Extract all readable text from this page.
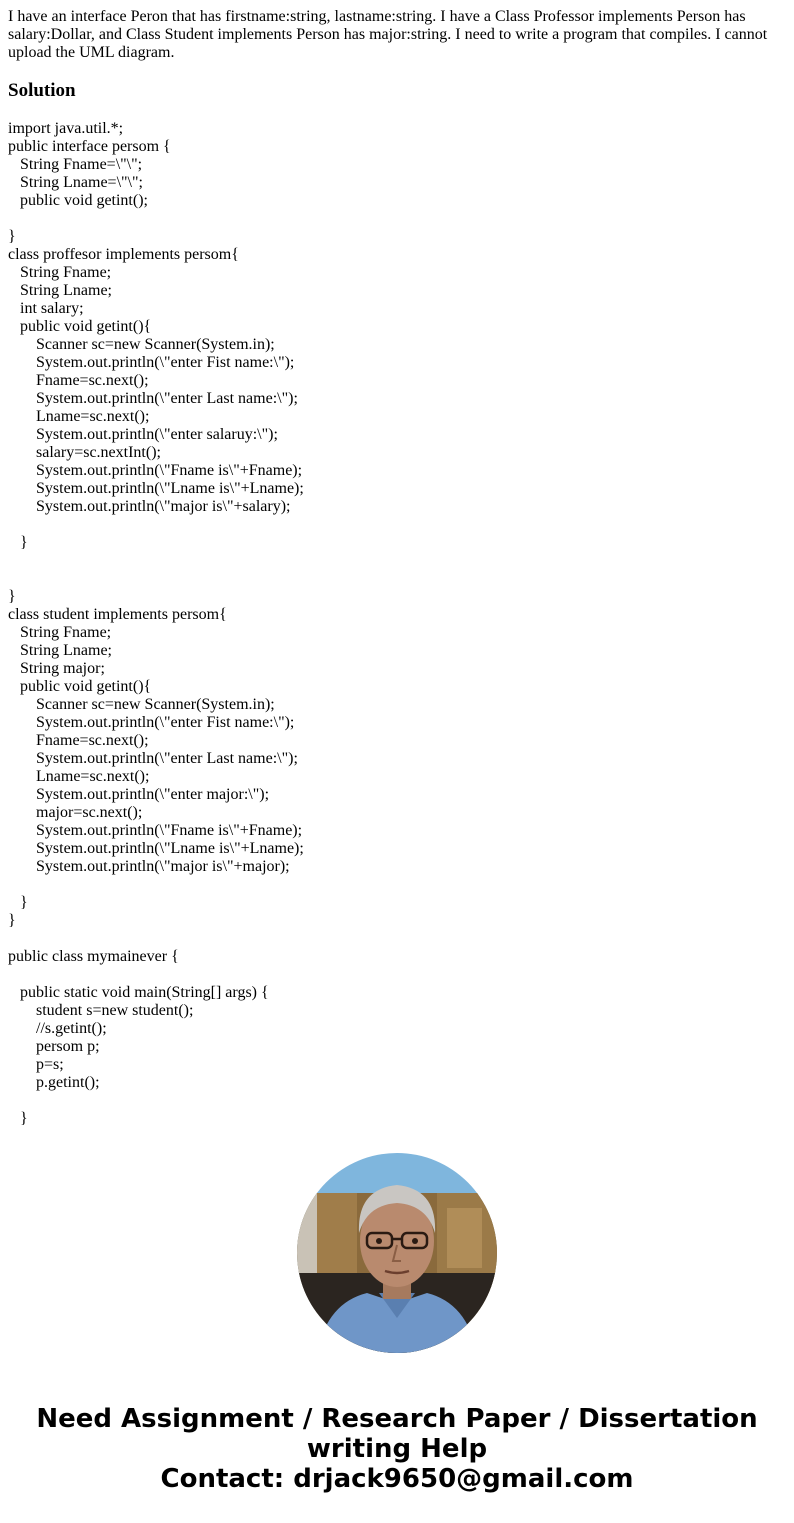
I have an interface Peron that has firstname:string, lastname:string. I have a Class Professor implements Person has salary:Dollar, and Class Student implements Person has major:string. I need to write a program that compiles. I cannot upload the UML diagram.

Solution
import java.util.*;
public interface persom {
String Fname=\"\";
String Lname=\"\";
public void getint();
}
class proffesor implements persom{
String Fname;
String Lname;
int salary;
public void getint(){
Scanner sc=new Scanner(System.in);
System.out.println(\"enter Fist name:\");
Fname=sc.next();
System.out.println(\"enter Last name:\");
Lname=sc.next();
System.out.println(\"enter salaruy:\");
salary=sc.nextInt();
System.out.println(\"Fname is\"+Fname);
System.out.println(\"Lname is\"+Lname);
System.out.println(\"major is\"+salary);
}
}
class student implements persom{
String Fname;
String Lname;
String major;
public void getint(){
Scanner sc=new Scanner(System.in);
System.out.println(\"enter Fist name:\");
Fname=sc.next();
System.out.println(\"enter Last name:\");
Lname=sc.next();
System.out.println(\"enter major:\");
major=sc.next();
System.out.println(\"Fname is\"+Fname);
System.out.println(\"Lname is\"+Lname);
System.out.println(\"major is\"+major);
}
}
public class mymainever {
public static void main(String[] args) {
student s=new student();
//s.getint();
persom p;
p=s;
p.getint();
}
Need Assignment / Research Paper / Dissertation
writing Help
Contact: drjack9650@gmail.com
